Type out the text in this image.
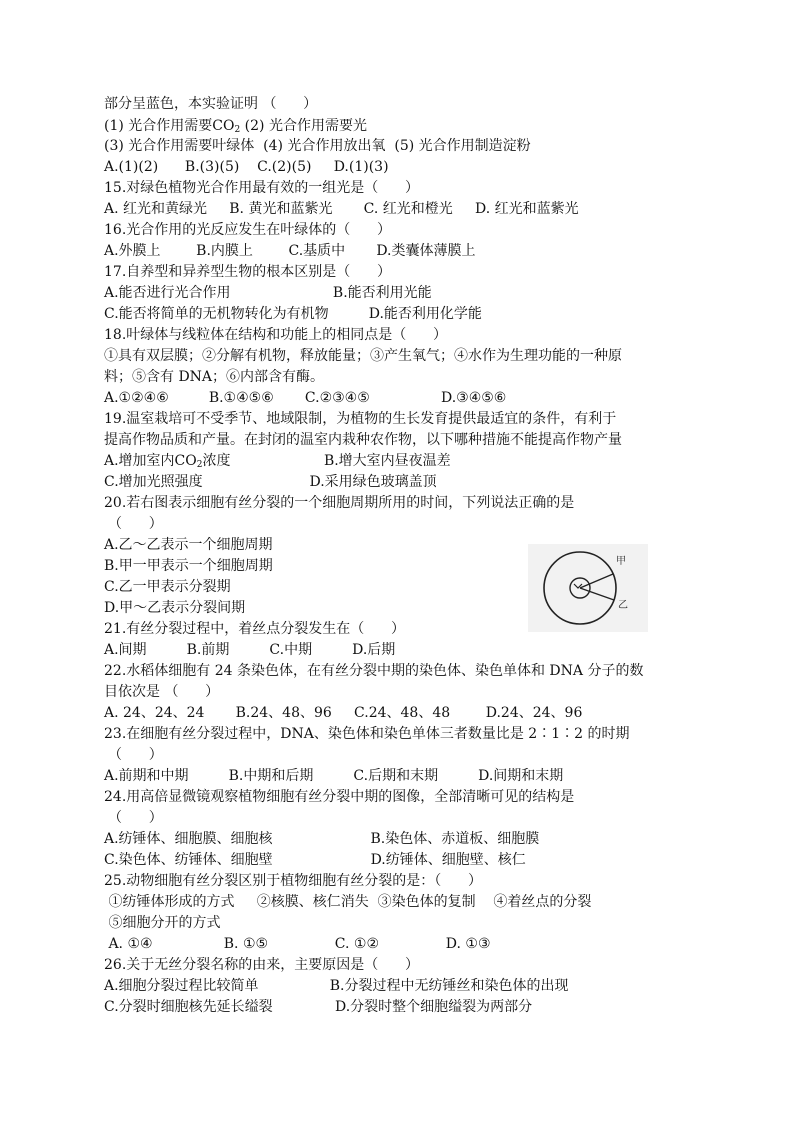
部分呈蓝色，本实验证明 （      ）
(1) 光合作用需要$CO_2$ (2) 光合作用需要光
(3) 光合作用需要叶绿体  (4) 光合作用放出氧  (5) 光合作用制造淀粉
A.(1)(2)      B.(3)(5)    C.(2)(5)     D.(1)(3)
15.对绿色植物光合作用最有效的一组光是（      ）
A. 红光和黄绿光     B. 黄光和蓝紫光       C. 红光和橙光     D. 红光和蓝紫光
16.光合作用的光反应发生在叶绿体的（      ）
A.外膜上        B.内膜上        C.基质中       D.类囊体薄膜上
17.自养型和异养型生物的根本区别是（      ）
A.能否进行光合作用                       B.能否利用光能
C.能否将简单的无机物转化为有机物         D.能否利用化学能
18.叶绿体与线粒体在结构和功能上的相同点是（      ）
①具有双层膜；②分解有机物，释放能量；③产生氧气；④水作为生理功能的一种原
料；⑤含有 DNA；⑥内部含有酶。
A.①②④⑥         B.①④⑤⑥       C.②③④⑤                D.③④⑤⑥
19.温室栽培可不受季节、地域限制，为植物的生长发育提供最适宜的条件，有利于
提高作物品质和产量。在封闭的温室内栽种农作物，以下哪种措施不能提高作物产量
A.增加室内$CO_2$浓度                     B.增大室内昼夜温差
C.增加光照强度                        D.采用绿色玻璃盖顶
20.若右图表示细胞有丝分裂的一个细胞周期所用的时间，下列说法正确的是
（      ）
A.乙～乙表示一个细胞周期
B.甲一甲表示一个细胞周期
C.乙一甲表示分裂期
D.甲～乙表示分裂间期
21.有丝分裂过程中，着丝点分裂发生在（      ）
A.间期         B.前期         C.中期         D.后期
22.水稻体细胞有 24 条染色体，在有丝分裂中期的染色体、染色单体和 DNA 分子的数
目依次是 （      ）
A. 24、24、24       B.24、48、96     C.24、48、48        D.24、24、96
23.在细胞有丝分裂过程中，DNA、染色体和染色单体三者数量比是 2∶1∶2 的时期
（      ）
A.前期和中期         B.中期和后期         C.后期和末期         D.间期和末期
24.用高倍显微镜观察植物细胞有丝分裂中期的图像，全部清晰可见的结构是
（      ）
A.纺锤体、细胞膜、细胞核                      B.染色体、赤道板、细胞膜
C.染色体、纺锤体、细胞壁                      D.纺锤体、细胞壁、核仁
25.动物细胞有丝分裂区别于植物细胞有丝分裂的是：（      ）
①纺锤体形成的方式     ②核膜、核仁消失  ③染色体的复制    ④着丝点的分裂
⑤细胞分开的方式
A. ①④                B. ①⑤               C. ①②               D. ①③
26.关于无丝分裂名称的由来，主要原因是（      ）
A.细胞分裂过程比较简单                B.分裂过程中无纺锤丝和染色体的出现
C.分裂时细胞核先延长缢裂              D.分裂时整个细胞缢裂为两部分
甲
乙
